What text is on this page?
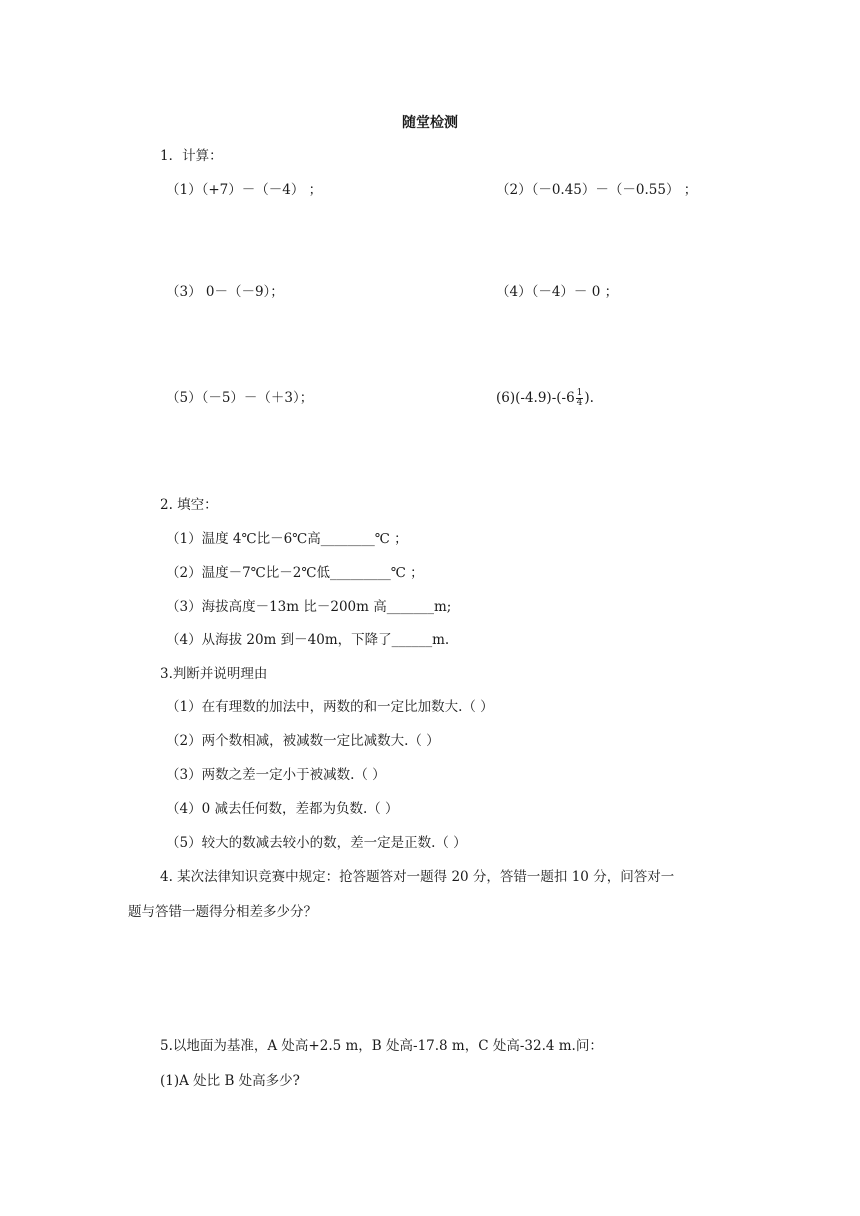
随堂检测
1．计算：
（1）（+7）－（－4） ；	（2）（－0.45）－（－0.55） ；
（3） 0－（－9）；	（4）（－4）－ 0 ；
（5）（－5）－（＋3）；	$(6)(-4.9)-(-6 \frac{1}{4}$ ).
2. 填空：
（1）温度 4℃比－6℃高________℃ ；
（2）温度－7℃比－2℃低_________℃ ；
（3）海拔高度－13m 比－200m 高_______m;
（4）从海拔 20m 到－40m，下降了______m.
3.判断并说明理由
（1）在有理数的加法中，两数的和一定比加数大.（ ）
（2）两个数相减，被减数一定比减数大.（ ）
（3）两数之差一定小于被减数.（ ）
（4）0 减去任何数，差都为负数.（ ）
（5）较大的数减去较小的数，差一定是正数.（ ）
4. 某次法律知识竞赛中规定：抢答题答对一题得 20 分，答错一题扣 10 分，问答对一
题与答错一题得分相差多少分？
5.以地面为基准，A 处高+2.5 m，B 处高-17.8 m，C 处高-32.4 m.问：
(1)A 处比 B 处高多少?
